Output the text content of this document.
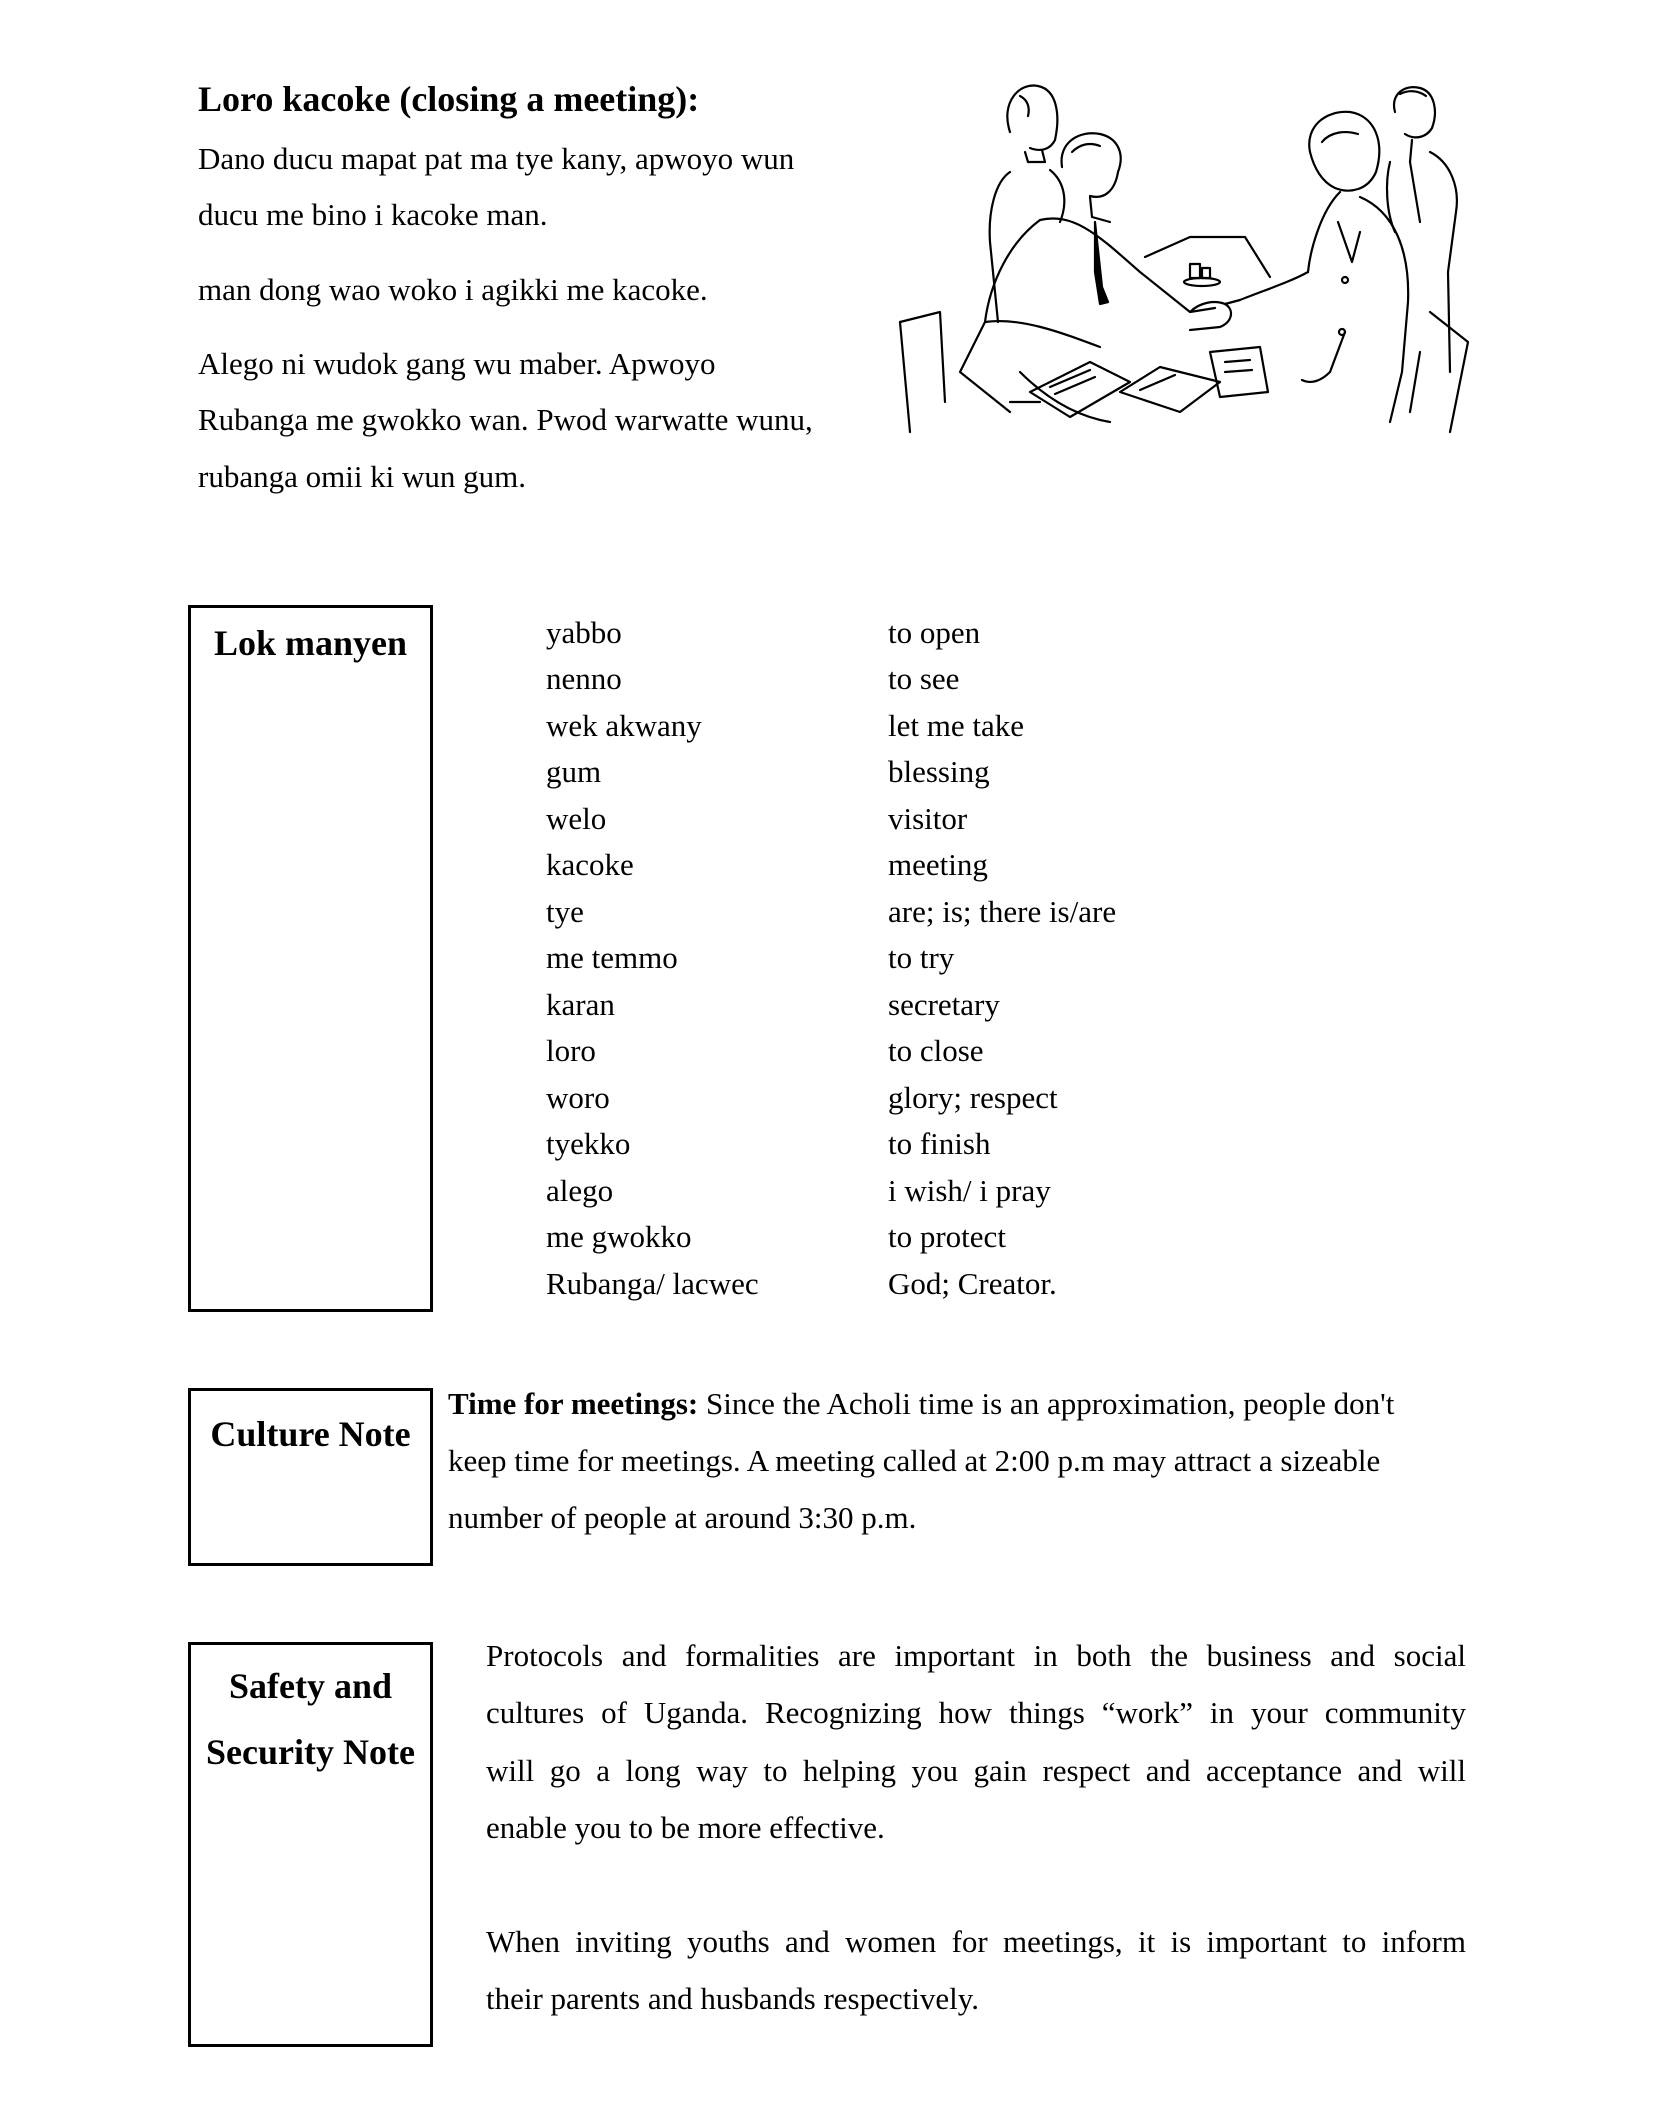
Loro kacoke (closing a meeting):
Dano ducu mapat pat ma tye kany, apwoyo wun
ducu me bino i kacoke man.
man dong wao woko i agikki me kacoke.
Alego ni wudok gang wu maber. Apwoyo
Rubanga me gwokko wan. Pwod warwatte wunu,
rubanga omii ki wun gum.
Lok manyen	yabbo	to open
nenno	to see
wek akwany	let me take
gum	blessing
welo	visitor
kacoke	meeting
tye	are; is; there is/are
me temmo	to try
karan	secretary
loro	to close
woro	glory; respect
tyekko	to finish
alego	i wish/ i pray
me gwokko	to protect
Rubanga/ lacwec	God; Creator.
Culture Note
Time for meetings: Since the Acholi time is an approximation, people don't
keep time for meetings. A meeting called at 2:00 p.m may attract a sizeable
number of people at around 3:30 p.m.
Safety and
Security Note
Protocols and formalities are important in both the business and social
cultures of Uganda. Recognizing how things “work” in your community
will go a long way to helping you gain respect and acceptance and will
enable you to be more effective.
When inviting youths and women for meetings, it is important to inform
their parents and husbands respectively.
